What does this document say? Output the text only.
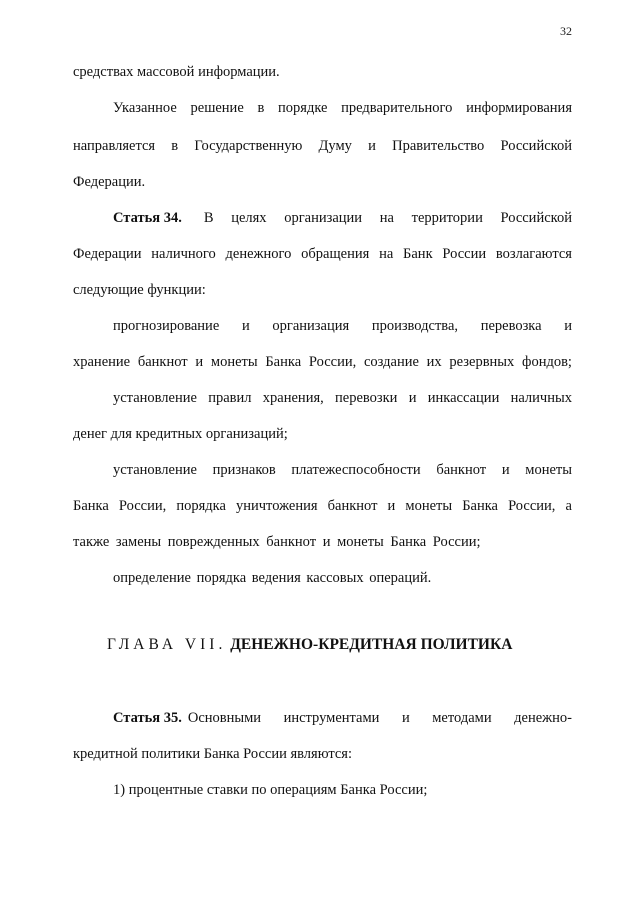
32
средствах массовой информации.
Указанное решение в порядке предварительного информирования
направляется в Государственную Думу и Правительство Российской
Федерации.
Статья 34. В целях организации на территории Российской
Федерации наличного денежного обращения на Банк России возлагаются
следующие функции:
прогнозирование и организация производства, перевозка и
хранение банкнот и монеты Банка России, создание их резервных фондов;
установление правил хранения, перевозки и инкассации наличных
денег для кредитных организаций;
установление признаков платежеспособности банкнот и монеты
Банка России, порядка уничтожения банкнот и монеты Банка России, а
также замены поврежденных банкнот и монеты Банка России;
определение порядка ведения кассовых операций.
ГЛАВА VII. ДЕНЕЖНО-КРЕДИТНАЯ ПОЛИТИКА
Статья 35. Основными инструментами и методами денежно-
кредитной политики Банка России являются:
1) процентные ставки по операциям Банка России;
